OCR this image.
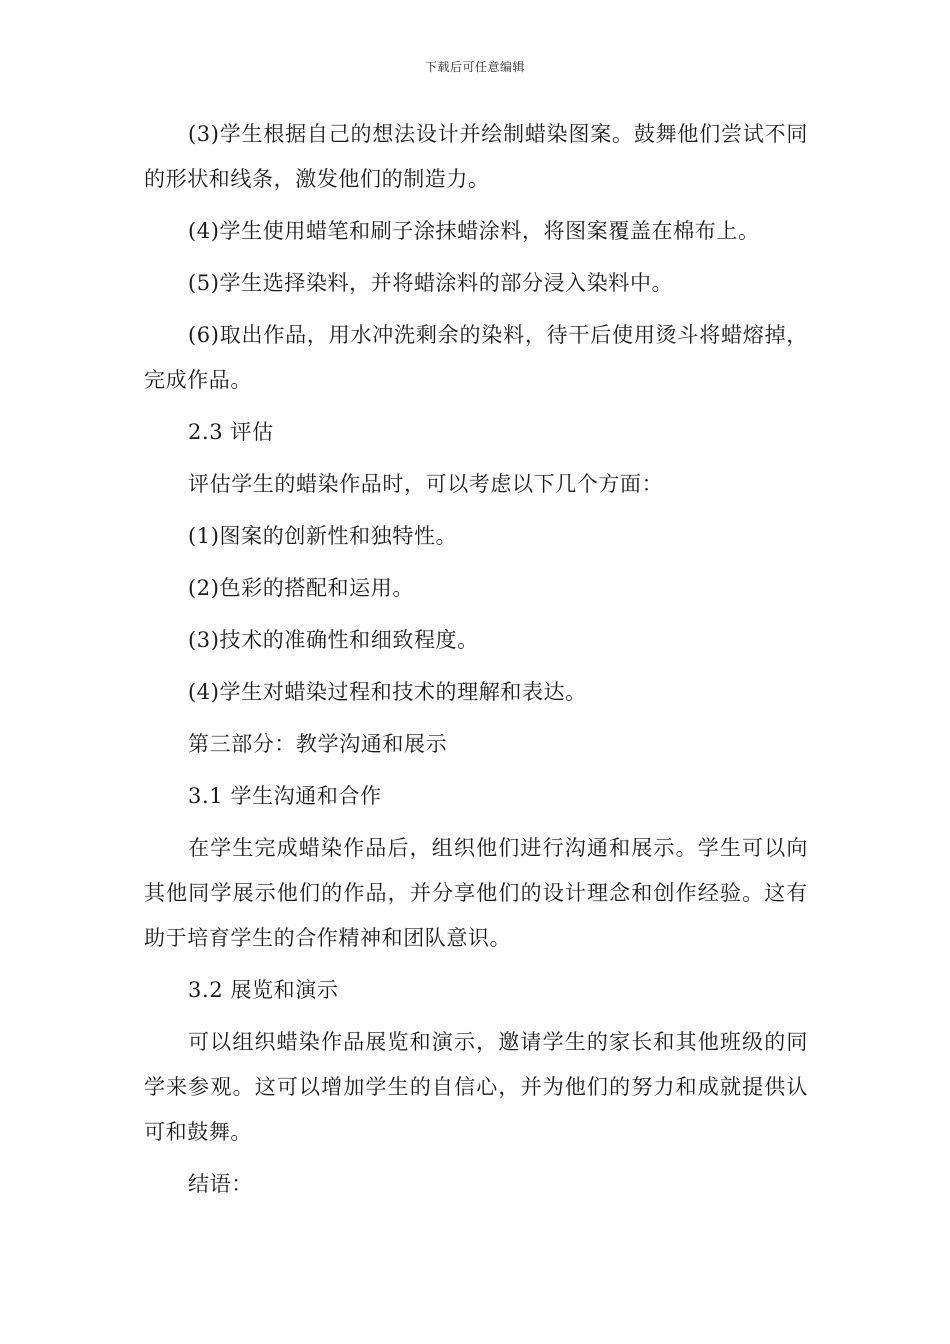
下载后可任意编辑

(3)学生根据自己的想法设计并绘制蜡染图案。鼓舞他们尝试不同的形状和线条，激发他们的制造力。

(4)学生使用蜡笔和刷子涂抹蜡涂料，将图案覆盖在棉布上。

(5)学生选择染料，并将蜡涂料的部分浸入染料中。

(6)取出作品，用水冲洗剩余的染料，待干后使用烫斗将蜡熔掉，完成作品。

2.3 评估

评估学生的蜡染作品时，可以考虑以下几个方面：

(1)图案的创新性和独特性。

(2)色彩的搭配和运用。

(3)技术的准确性和细致程度。

(4)学生对蜡染过程和技术的理解和表达。

第三部分：教学沟通和展示

3.1 学生沟通和合作

在学生完成蜡染作品后，组织他们进行沟通和展示。学生可以向其他同学展示他们的作品，并分享他们的设计理念和创作经验。这有助于培育学生的合作精神和团队意识。

3.2 展览和演示

可以组织蜡染作品展览和演示，邀请学生的家长和其他班级的同学来参观。这可以增加学生的自信心，并为他们的努力和成就提供认可和鼓舞。

结语：
